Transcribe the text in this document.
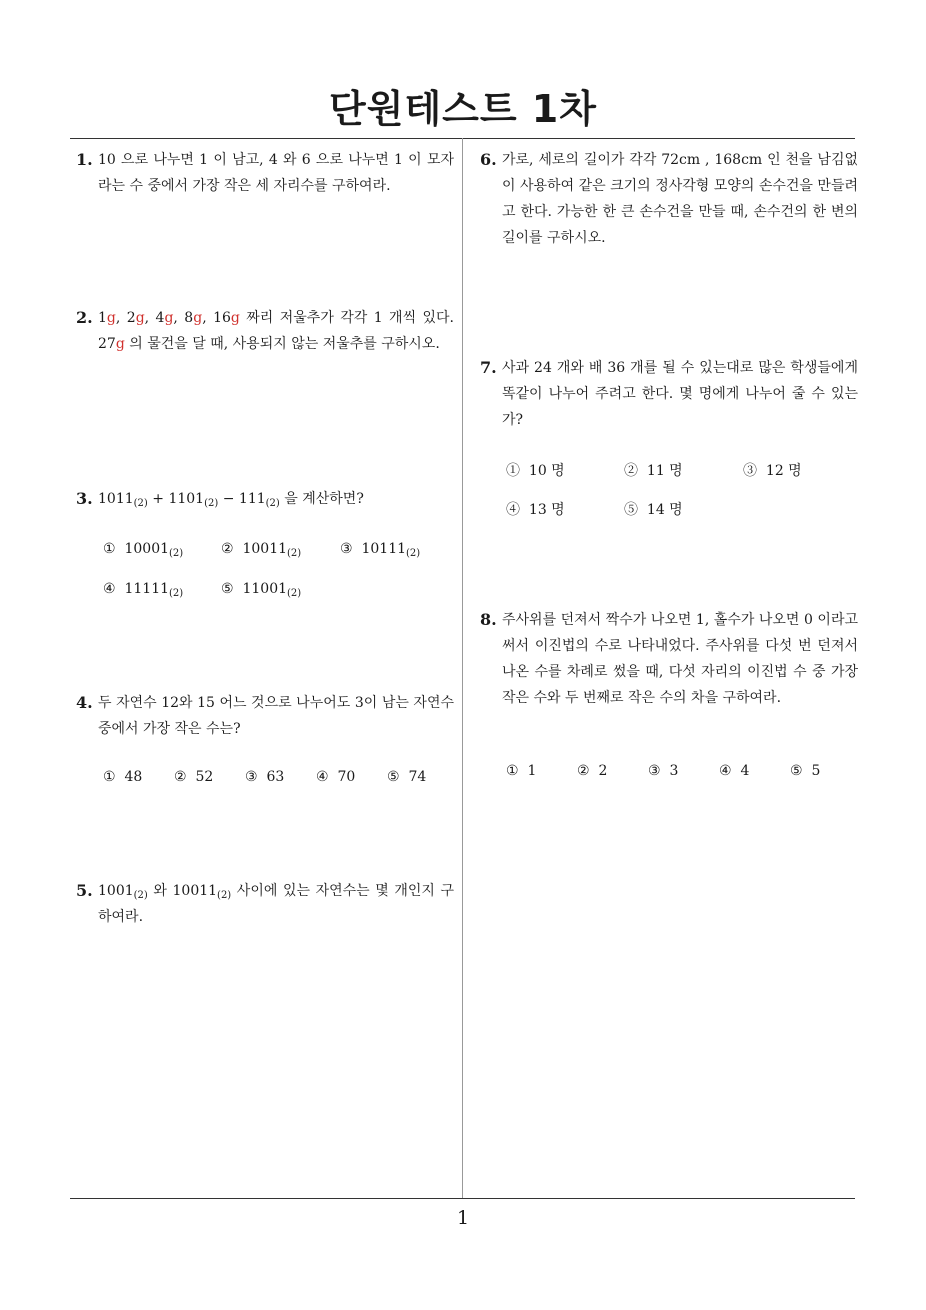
단원테스트 1차
1
1. 10 으로 나누면 1 이 남고, 4 와 6 으로 나누면 1 이 모자라는 수 중에서 가장 작은 세 자리수를 구하여라.
2. 1g, 2g, 4g, 8g, 16g 짜리 저울추가 각각 1 개씩 있다. 27g 의 물건을 달 때, 사용되지 않는 저울추를 구하시오.
3. $1011_{(2)} + 1101_{(2)} - 111_{(2)}$ 을 계산하면?
① $10001_{(2)}$	② $10011_{(2)}$	③ $10111_{(2)}$
④ $11111_{(2)}$	⑤ $11001_{(2)}$
4. 두 자연수 12와 15 어느 것으로 나누어도 3이 남는 자연수 중에서 가장 작은 수는?
① 48 ② 52 ③ 63 ④ 70 ⑤ 74
5. $1001_{(2)}$ 와 $10011_{(2)}$ 사이에 있는 자연수는 몇 개인지 구하여라.
6. 가로, 세로의 길이가 각각 72cm , 168cm 인 천을 남김없이 사용하여 같은 크기의 정사각형 모양의 손수건을 만들려고 한다. 가능한 한 큰 손수건을 만들 때, 손수건의 한 변의 길이를 구하시오.
7. 사과 24 개와 배 36 개를 될 수 있는대로 많은 학생들에게 똑같이 나누어 주려고 한다. 몇 명에게 나누어 줄 수 있는가?
① 10 명	② 11 명	③ 12 명
④ 13 명	⑤ 14 명
8. 주사위를 던져서 짝수가 나오면 1, 홀수가 나오면 0 이라고 써서 이진법의 수로 나타내었다. 주사위를 다섯 번 던져서 나온 수를 차례로 썼을 때, 다섯 자리의 이진법 수 중 가장 작은 수와 두 번째로 작은 수의 차을 구하여라.
① 1	② 2	③ 3	④ 4	⑤ 5
